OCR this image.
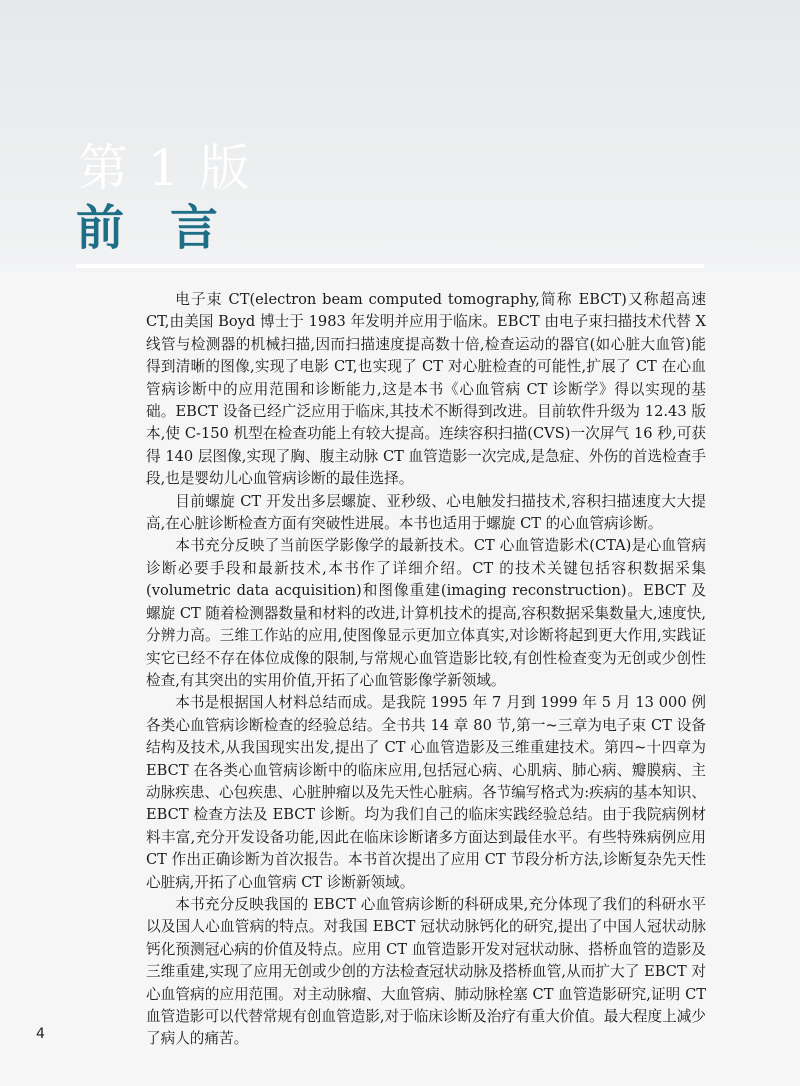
第 1 版
前言

电子束 CT(electron beam computed tomography,简称 EBCT)又称超高速 CT,由美国 Boyd 博士于 1983 年发明并应用于临床。EBCT 由电子束扫描技术代替 X 线管与检测器的机械扫描,因而扫描速度提高数十倍,检查运动的器官(如心脏大血管)能得到清晰的图像,实现了电影 CT,也实现了 CT 对心脏检查的可能性,扩展了 CT 在心血管病诊断中的应用范围和诊断能力,这是本书《心血管病 CT 诊断学》得以实现的基础。EBCT 设备已经广泛应用于临床,其技术不断得到改进。目前软件升级为 12.43 版本,使 C-150 机型在检查功能上有较大提高。连续容积扫描(CVS)一次屏气 16 秒,可获得 140 层图像,实现了胸、腹主动脉 CT 血管造影一次完成,是急症、外伤的首选检查手段,也是婴幼儿心血管病诊断的最佳选择。

目前螺旋 CT 开发出多层螺旋、亚秒级、心电触发扫描技术,容积扫描速度大大提高,在心脏诊断检查方面有突破性进展。本书也适用于螺旋 CT 的心血管病诊断。

本书充分反映了当前医学影像学的最新技术。CT 心血管造影术(CTA)是心血管病诊断必要手段和最新技术,本书作了详细介绍。CT 的技术关键包括容积数据采集(volumetric data acquisition)和图像重建(imaging reconstruction)。EBCT 及螺旋 CT 随着检测器数量和材料的改进,计算机技术的提高,容积数据采集数量大,速度快,分辨力高。三维工作站的应用,使图像显示更加立体真实,对诊断将起到更大作用,实践证实它已经不存在体位成像的限制,与常规心血管造影比较,有创性检查变为无创或少创性检查,有其突出的实用价值,开拓了心血管影像学新领域。

本书是根据国人材料总结而成。是我院 1995 年 7 月到 1999 年 5 月 13 000 例各类心血管病诊断检查的经验总结。全书共 14 章 80 节,第一~三章为电子束 CT 设备结构及技术,从我国现实出发,提出了 CT 心血管造影及三维重建技术。第四~十四章为 EBCT 在各类心血管病诊断中的临床应用,包括冠心病、心肌病、肺心病、瓣膜病、主动脉疾患、心包疾患、心脏肿瘤以及先天性心脏病。各节编写格式为:疾病的基本知识、EBCT 检查方法及 EBCT 诊断。均为我们自己的临床实践经验总结。由于我院病例材料丰富,充分开发设备功能,因此在临床诊断诸多方面达到最佳水平。有些特殊病例应用 CT 作出正确诊断为首次报告。本书首次提出了应用 CT 节段分析方法,诊断复杂先天性心脏病,开拓了心血管病 CT 诊断新领域。

本书充分反映我国的 EBCT 心血管病诊断的科研成果,充分体现了我们的科研水平以及国人心血管病的特点。对我国 EBCT 冠状动脉钙化的研究,提出了中国人冠状动脉钙化预测冠心病的价值及特点。应用 CT 血管造影开发对冠状动脉、搭桥血管的造影及三维重建,实现了应用无创或少创的方法检查冠状动脉及搭桥血管,从而扩大了 EBCT 对心血管病的应用范围。对主动脉瘤、大血管病、肺动脉栓塞 CT 血管造影研究,证明 CT 血管造影可以代替常规有创血管造影,对于临床诊断及治疗有重大价值。最大程度上减少了病人的痛苦。

4
